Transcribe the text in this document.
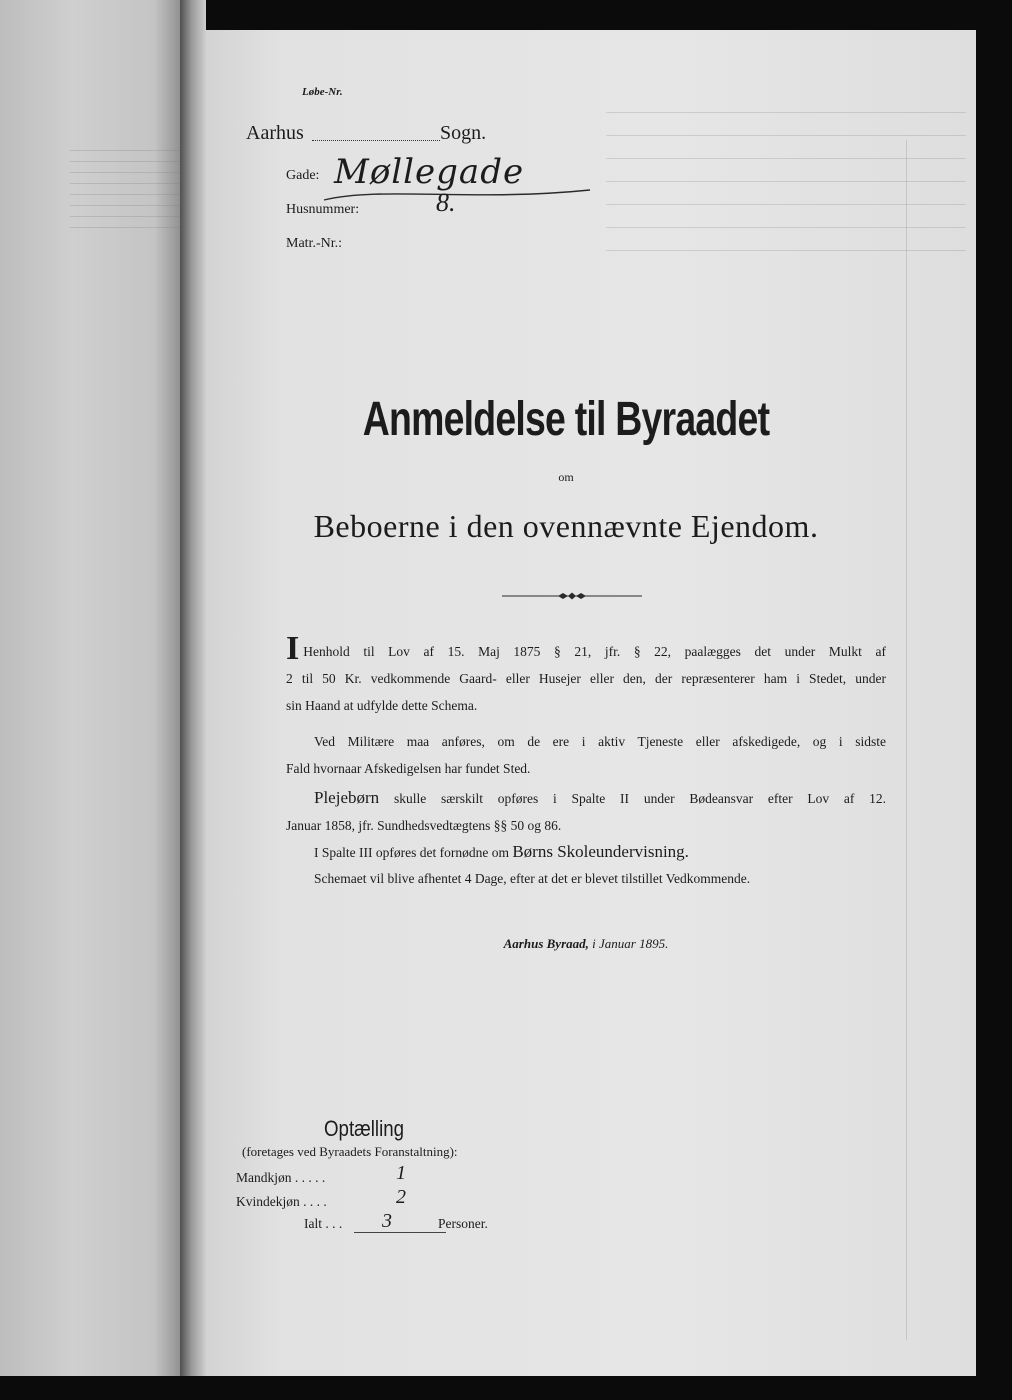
Løbe-Nr.
Aarhus	Sogn.
Gade: Møllegade
Husnummer:	8.
Matr.-Nr.:
Anmeldelse til Byraadet
om
Beboerne i den ovennævnte Ejendom.
I Henhold til Lov af 15. Maj 1875 § 21, jfr. § 22, paalægges det under Mulkt af
2 til 50 Kr. vedkommende Gaard- eller Husejer eller den, der repræsenterer ham i Stedet, under
sin Haand at udfylde dette Schema.
Ved Militære maa anføres, om de ere i aktiv Tjeneste eller afskedigede, og i sidste
Fald hvornaar Afskedigelsen har fundet Sted.
Plejebørn skulle særskilt opføres i Spalte II under Bødeansvar efter Lov af 12.
Januar 1858, jfr. Sundhedsvedtægtens §§ 50 og 86.
I Spalte III opføres det fornødne om Børns Skoleundervisning.
Schemaet vil blive afhentet 4 Dage, efter at det er blevet tilstillet Vedkommende.
Aarhus Byraad, i Januar 1895.
Optælling
(foretages ved Byraadets Foranstaltning):
Mandkjøn . . . . .	1
Kvindekjøn . . . .	2
Ialt . . . 3	Personer.
